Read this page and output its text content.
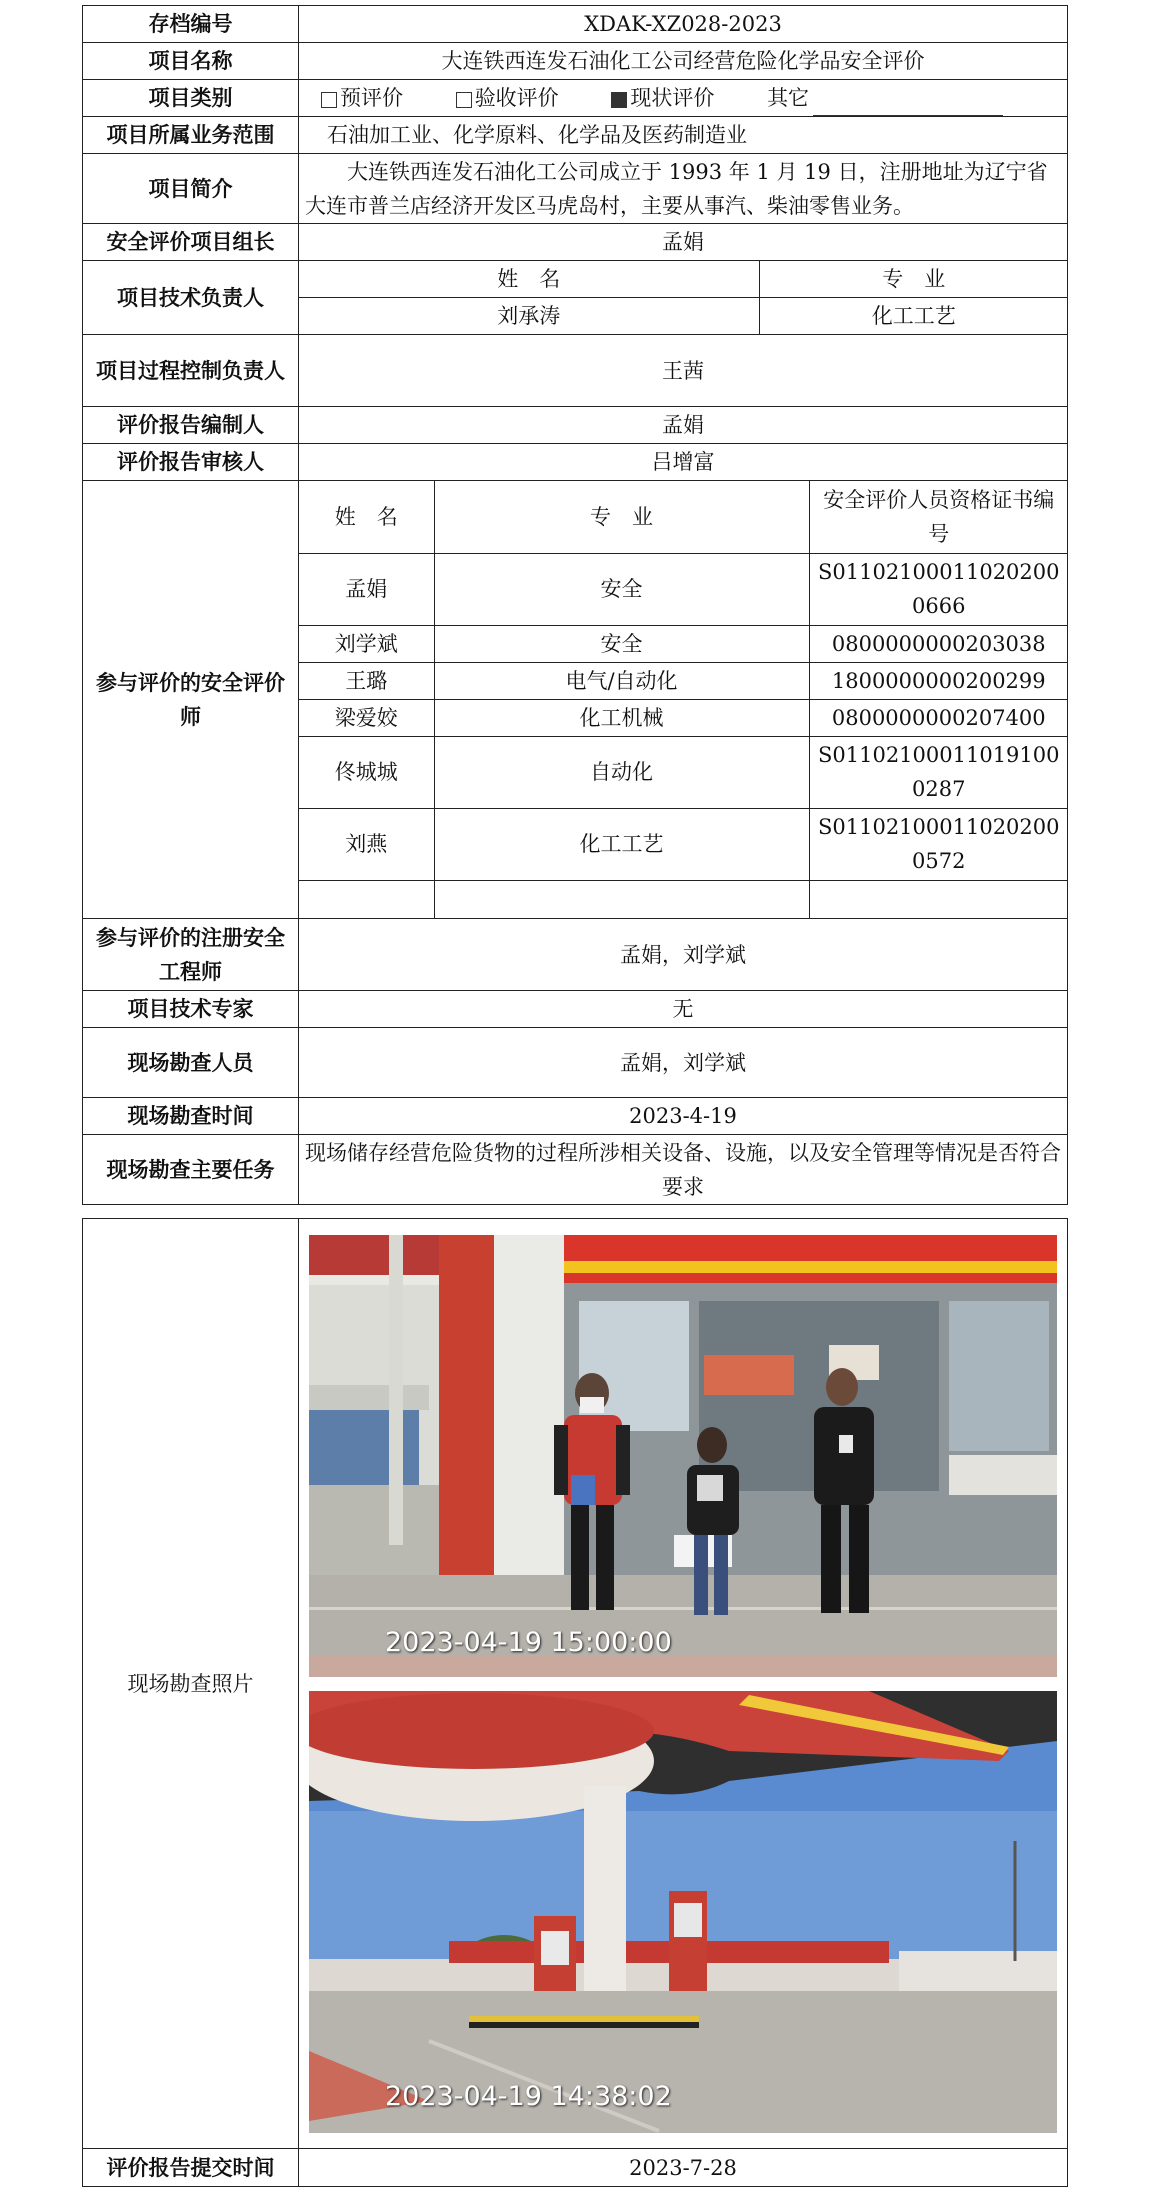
存档编号	XDAK-XZ028-2023
项目名称	大连铁西连发石油化工公司经营危险化学品安全评价
项目类别	预评价	验收评价	现状评价	其它
项目所属业务范围	石油加工业、化学原料、化学品及医药制造业
项目简介	大连铁西连发石油化工公司成立于 1993 年 1 月 19 日，注册地址为辽宁省大连市普兰店经济开发区马虎岛村，主要从事汽、柴油零售业务。
安全评价项目组长	孟娟
项目技术负责人	
姓　名	专　业
刘承涛	化工工艺

项目过程控制负责人	王茜
评价报告编制人	孟娟
评价报告审核人	吕增富
参与评价的安全评价师	
姓　名	专　业	安全评价人员资格证书编号
孟娟	安全	S011021000110202000666
刘学斌	安全	0800000000203038
王璐	电气/自动化	1800000000200299
梁爱姣	化工机械	0800000000207400
佟城城	自动化	S011021000110191000287
刘燕	化工工艺	S011021000110202000572

参与评价的注册安全工程师	孟娟，刘学斌
项目技术专家	无
现场勘查人员	孟娟，刘学斌
现场勘查时间	2023-4-19
现场勘查主要任务	现场储存经营危险货物的过程所涉相关设备、设施，以及安全管理等情况是否符合要求
现场勘查照片	2023-04-19 15:00:00
2023-04-19 14:38:02

评价报告提交时间	2023-7-28
